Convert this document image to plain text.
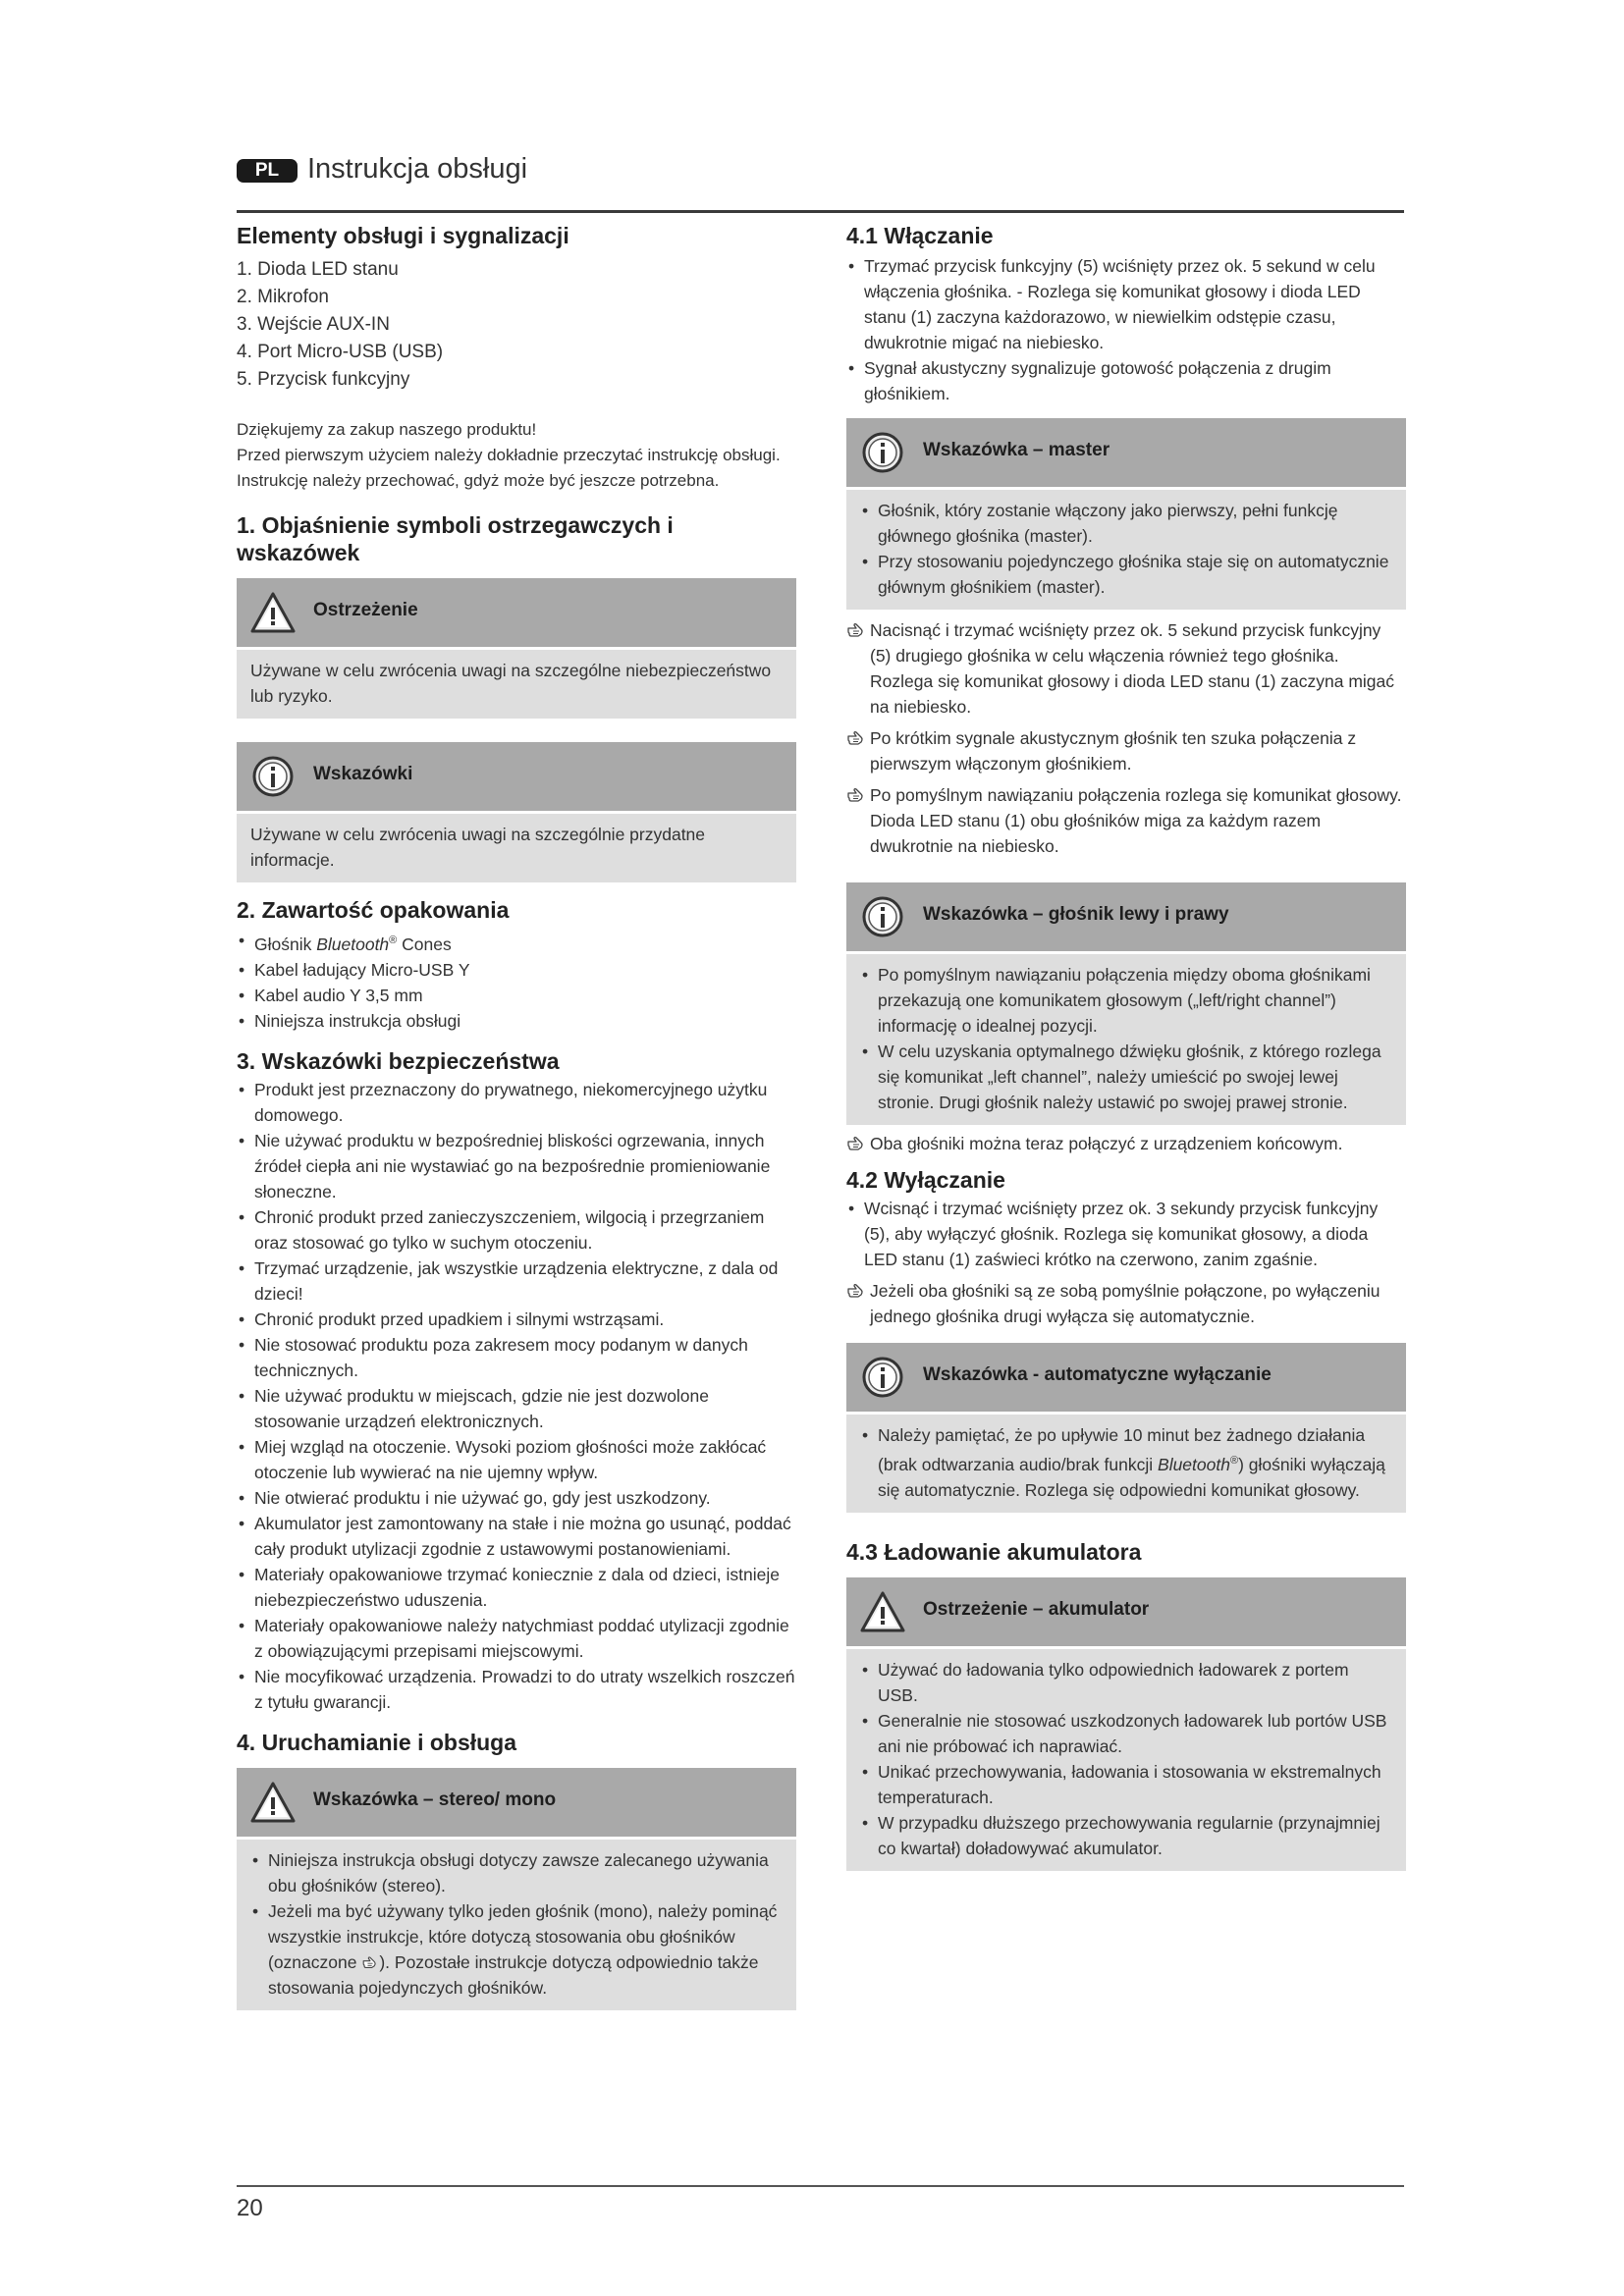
PL Instrukcja obsługi
Elementy obsługi i sygnalizacji
1. Dioda LED stanu
2. Mikrofon
3. Wejście AUX-IN
4. Port Micro-USB (USB)
5. Przycisk funkcyjny
Dziękujemy za zakup naszego produktu!
Przed pierwszym użyciem należy dokładnie przeczytać instrukcję obsługi. Instrukcję należy przechować, gdyż może być jeszcze potrzebna.
1. Objaśnienie symboli ostrzegawczych i wskazówek
Ostrzeżenie
Używane w celu zwrócenia uwagi na szczególne niebezpieczeństwo lub ryzyko.
Wskazówki
Używane w celu zwrócenia uwagi na szczególnie przydatne informacje.
2. Zawartość opakowania
• Głośnik Bluetooth® Cones
• Kabel ładujący Micro-USB Y
• Kabel audio Y 3,5 mm
• Niniejsza instrukcja obsługi
3. Wskazówki bezpieczeństwa
• Produkt jest przeznaczony do prywatnego, niekomercyjnego użytku domowego.
• Nie używać produktu w bezpośredniej bliskości ogrzewania, innych źródeł ciepła ani nie wystawiać go na bezpośrednie promieniowanie słoneczne.
• Chronić produkt przed zanieczyszczeniem, wilgocią i przegrzaniem oraz stosować go tylko w suchym otoczeniu.
• Trzymać urządzenie, jak wszystkie urządzenia elektryczne, z dala od dzieci!
• Chronić produkt przed upadkiem i silnymi wstrząsami.
• Nie stosować produktu poza zakresem mocy podanym w danych technicznych.
• Nie używać produktu w miejscach, gdzie nie jest dozwolone stosowanie urządzeń elektronicznych.
• Miej wzgląd na otoczenie. Wysoki poziom głośności może zakłócać otoczenie lub wywierać na nie ujemny wpływ.
• Nie otwierać produktu i nie używać go, gdy jest uszkodzony.
• Akumulator jest zamontowany na stałe i nie można go usunąć, poddać cały produkt utylizacji zgodnie z ustawowymi postanowieniami.
• Materiały opakowaniowe trzymać koniecznie z dala od dzieci, istnieje niebezpieczeństwo uduszenia.
• Materiały opakowaniowe należy natychmiast poddać utylizacji zgodnie z obowiązującymi przepisami miejscowymi.
• Nie mocyfikować urządzenia. Prowadzi to do utraty wszelkich roszczeń z tytułu gwarancji.
4. Uruchamianie i obsługa
Wskazówka – stereo/ mono
• Niniejsza instrukcja obsługi dotyczy zawsze zalecanego używania obu głośników (stereo).
• Jeżeli ma być używany tylko jeden głośnik (mono), należy pominąć wszystkie instrukcje, które dotyczą stosowania obu głośników (oznaczone ). Pozostałe instrukcje dotyczą odpowiednio także stosowania pojedynczych głośników.
4.1 Włączanie
• Trzymać przycisk funkcyjny (5) wciśnięty przez ok. 5 sekund w celu włączenia głośnika. - Rozlega się komunikat głosowy i dioda LED stanu (1) zaczyna każdorazowo, w niewielkim odstępie czasu, dwukrotnie migać na niebiesko.
• Sygnał akustyczny sygnalizuje gotowość połączenia z drugim głośnikiem.
Wskazówka – master
• Głośnik, który zostanie włączony jako pierwszy, pełni funkcję głównego głośnika (master).
• Przy stosowaniu pojedynczego głośnika staje się on automatycznie głównym głośnikiem (master).
Nacisnąć i trzymać wciśnięty przez ok. 5 sekund przycisk funkcyjny (5) drugiego głośnika w celu włączenia również tego głośnika. Rozlega się komunikat głosowy i dioda LED stanu (1) zaczyna migać na niebiesko.
Po krótkim sygnale akustycznym głośnik ten szuka połączenia z pierwszym włączonym głośnikiem.
Po pomyślnym nawiązaniu połączenia rozlega się komunikat głosowy. Dioda LED stanu (1) obu głośników miga za każdym razem dwukrotnie na niebiesko.
Wskazówka – głośnik lewy i prawy
• Po pomyślnym nawiązaniu połączenia między oboma głośnikami przekazują one komunikatem głosowym („left/right channel”) informację o idealnej pozycji.
• W celu uzyskania optymalnego dźwięku głośnik, z którego rozlega się komunikat „left channel”, należy umieścić po swojej lewej stronie. Drugi głośnik należy ustawić po swojej prawej stronie.
Oba głośniki można teraz połączyć z urządzeniem końcowym.
4.2 Wyłączanie
• Wcisnąć i trzymać wciśnięty przez ok. 3 sekundy przycisk funkcyjny (5), aby wyłączyć głośnik. Rozlega się komunikat głosowy, a dioda LED stanu (1) zaświeci krótko na czerwono, zanim zgaśnie.
Jeżeli oba głośniki są ze sobą pomyślnie połączone, po wyłączeniu jednego głośnika drugi wyłącza się automatycznie.
Wskazówka - automatyczne wyłączanie
• Należy pamiętać, że po upływie 10 minut bez żadnego działania (brak odtwarzania audio/brak funkcji Bluetooth®) głośniki wyłączają się automatycznie. Rozlega się odpowiedni komunikat głosowy.
4.3 Ładowanie akumulatora
Ostrzeżenie – akumulator
• Używać do ładowania tylko odpowiednich ładowarek z portem USB.
• Generalnie nie stosować uszkodzonych ładowarek lub portów USB ani nie próbować ich naprawiać.
• Unikać przechowywania, ładowania i stosowania w ekstremalnych temperaturach.
• W przypadku dłuższego przechowywania regularnie (przynajmniej co kwartał) doładowywać akumulator.
20
